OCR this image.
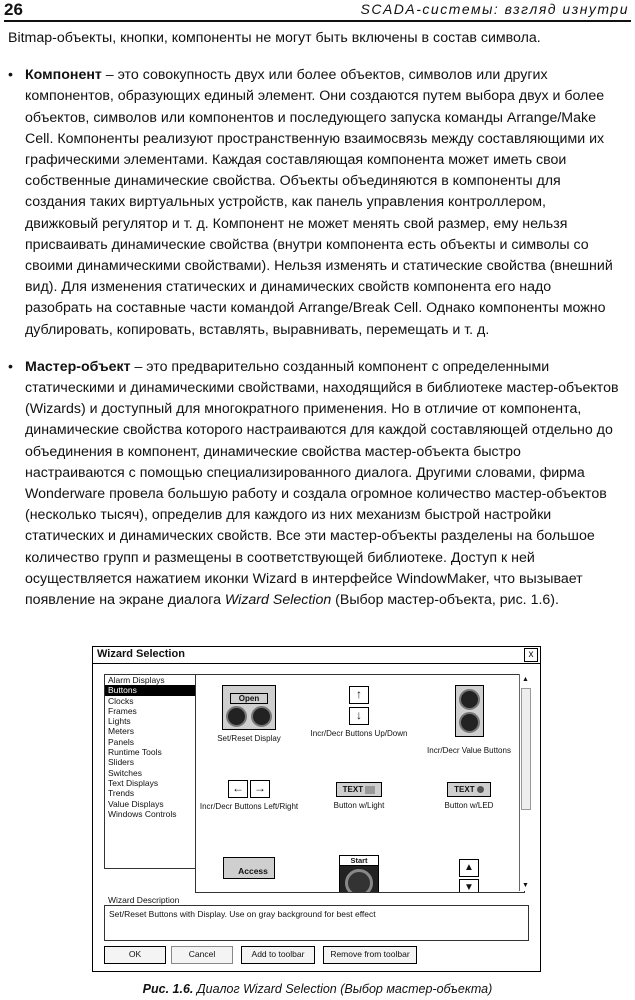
26	SCADA-системы: взгляд изнутри

Bitmap-объекты, кнопки, компоненты не могут быть включены в состав символа.

• Компонент – это совокупность двух или более объектов, символов или других компонентов, образующих единый элемент. Они создаются путем выбора двух и более объектов, символов или компонентов и последующего запуска команды Arrange/Make Cell. Компоненты реализуют пространственную взаимосвязь между составляющими их графическими элементами. Каждая составляющая компонента может иметь свои собственные динамические свойства. Объекты объединяются в компоненты для создания таких виртуальных устройств, как панель управления контроллером, движковый регулятор и т. д. Компонент не может менять свой размер, ему нельзя присваивать динамические свойства (внутри компонента есть объекты и символы со своими динамическими свойствами). Нельзя изменять и статические свойства (внешний вид). Для изменения статических и динамических свойств компонента его надо разобрать на составные части командой Arrange/Break Cell. Однако компоненты можно дублировать, копировать, вставлять, выравнивать, перемещать и т. д.

• Мастер-объект – это предварительно созданный компонент с определенными статическими и динамическими свойствами, находящийся в библиотеке мастер-объектов (Wizards) и доступный для многократного применения. Но в отличие от компонента, динамические свойства которого настраиваются для каждой составляющей отдельно до объединения в компонент, динамические свойства мастер-объекта быстро настраиваются с помощью специализированного диалога. Другими словами, фирма Wonderware провела большую работу и создала огромное количество мастер-объектов (несколько тысяч), определив для каждого из них механизм быстрой настройки статических и динамических свойств. Все эти мастер-объекты разделены на большое количество групп и размещены в соответствующей библиотеке. Доступ к ней осуществляется нажатием иконки Wizard в интерфейсе WindowMaker, что вызывает появление на экране диалога Wizard Selection (Выбор мастер-объекта, рис. 1.6).

Wizard Selection	x
Alarm Displays
Buttons
Clocks
Frames
Lights
Meters
Panels
Runtime Tools
Sliders
Switches
Text Displays
Trends
Value Displays
Windows Controls
Open

Set/Reset Display
↑
↓
Incr/Decr Buttons Up/Down
Incr/Decr Value Buttons
← →
Incr/Decr Buttons Left/Right
TEXT
Button w/Light
TEXT
Button w/LED
Access
Start
▲
▼
▲
▼
Wizard Description
Set/Reset Buttons with Display. Use on gray background for best effect
OK	Cancel	Add to toolbar	Remove from toolbar
Рис. 1.6. Диалог Wizard Selection (Выбор мастер-объекта)
